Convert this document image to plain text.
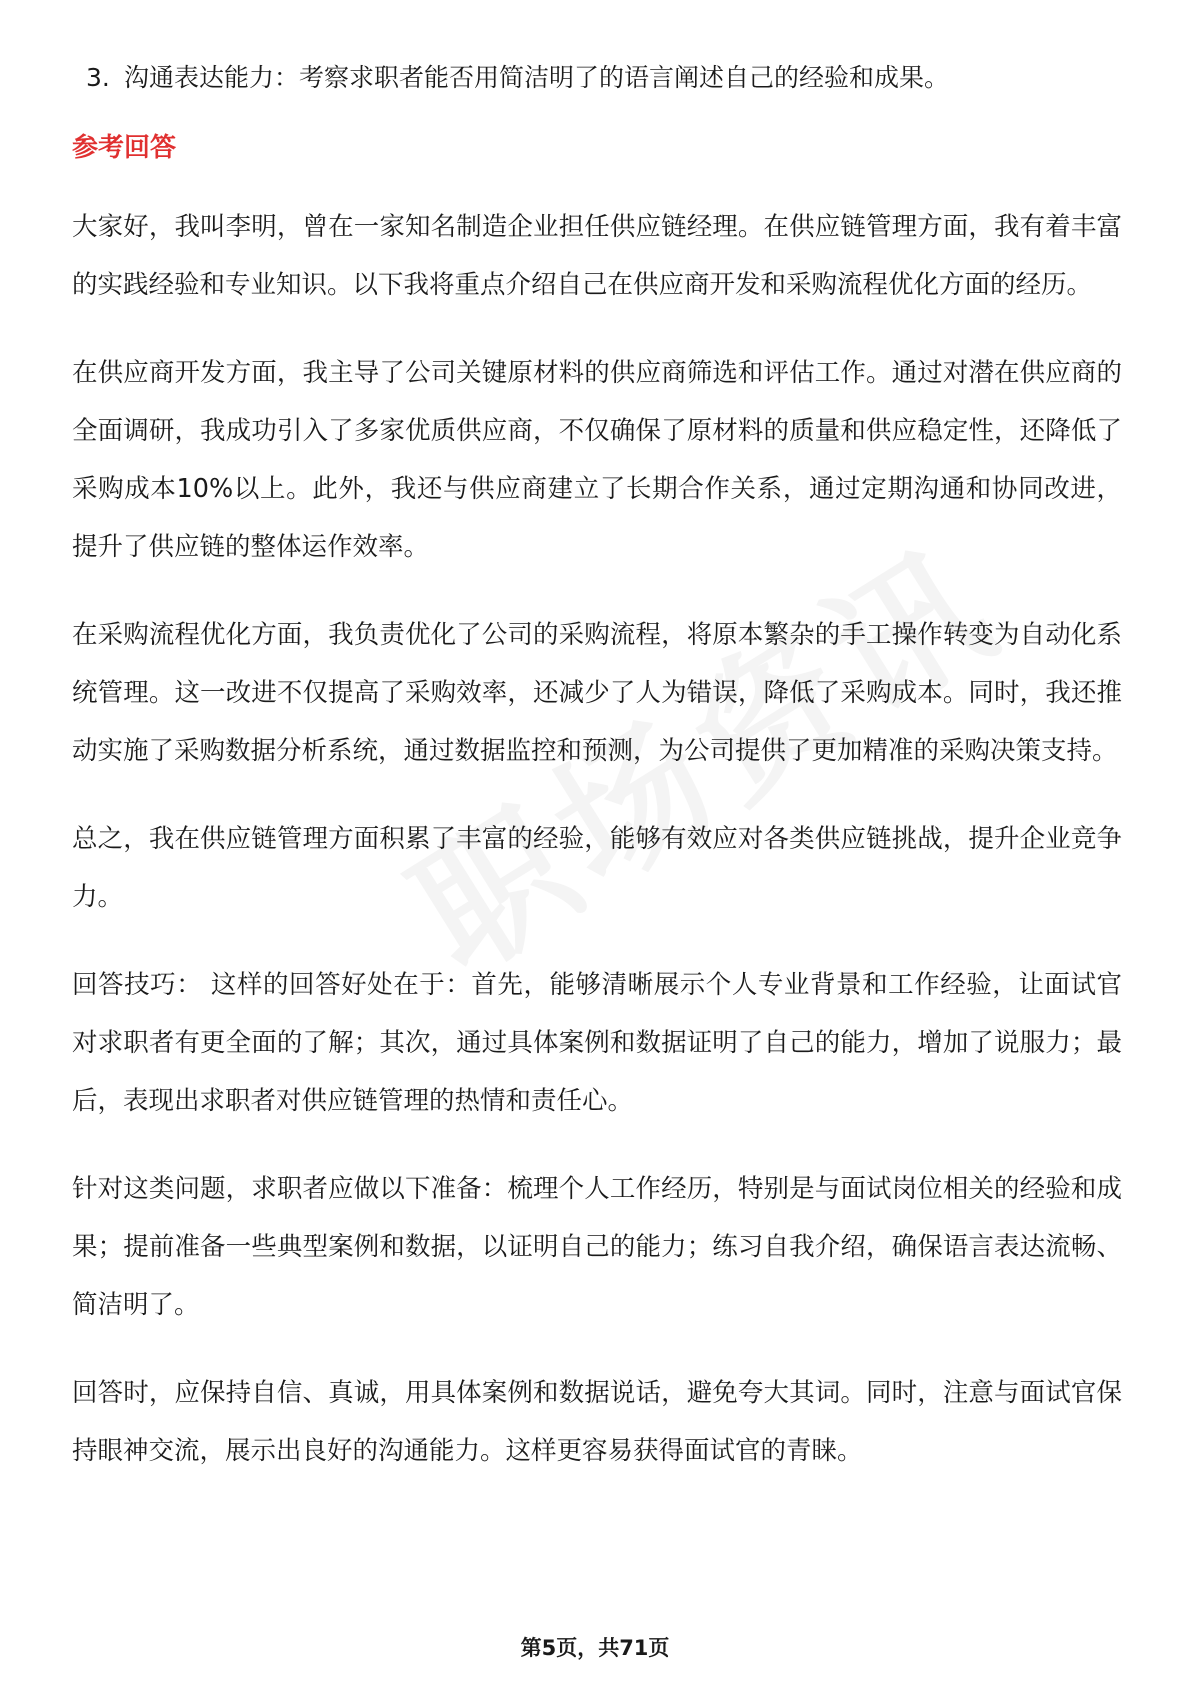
3. 沟通表达能力：考察求职者能否用简洁明了的语言阐述自己的经验和成果。
参考回答

大家好，我叫李明，曾在一家知名制造企业担任供应链经理。在供应链管理方面，我有着丰富的实践经验和专业知识。以下我将重点介绍自己在供应商开发和采购流程优化方面的经历。

在供应商开发方面，我主导了公司关键原材料的供应商筛选和评估工作。通过对潜在供应商的全面调研，我成功引入了多家优质供应商，不仅确保了原材料的质量和供应稳定性，还降低了采购成本10%以上。此外，我还与供应商建立了长期合作关系，通过定期沟通和协同改进，提升了供应链的整体运作效率。

在采购流程优化方面，我负责优化了公司的采购流程，将原本繁杂的手工操作转变为自动化系统管理。这一改进不仅提高了采购效率，还减少了人为错误，降低了采购成本。同时，我还推动实施了采购数据分析系统，通过数据监控和预测，为公司提供了更加精准的采购决策支持。

总之，我在供应链管理方面积累了丰富的经验，能够有效应对各类供应链挑战，提升企业竞争力。

回答技巧： 这样的回答好处在于：首先，能够清晰展示个人专业背景和工作经验，让面试官对求职者有更全面的了解；其次，通过具体案例和数据证明了自己的能力，增加了说服力；最后，表现出求职者对供应链管理的热情和责任心。

针对这类问题，求职者应做以下准备：梳理个人工作经历，特别是与面试岗位相关的经验和成果；提前准备一些典型案例和数据，以证明自己的能力；练习自我介绍，确保语言表达流畅、简洁明了。

回答时，应保持自信、真诚，用具体案例和数据说话，避免夸大其词。同时，注意与面试官保持眼神交流，展示出良好的沟通能力。这样更容易获得面试官的青睐。

第5页，共71页
